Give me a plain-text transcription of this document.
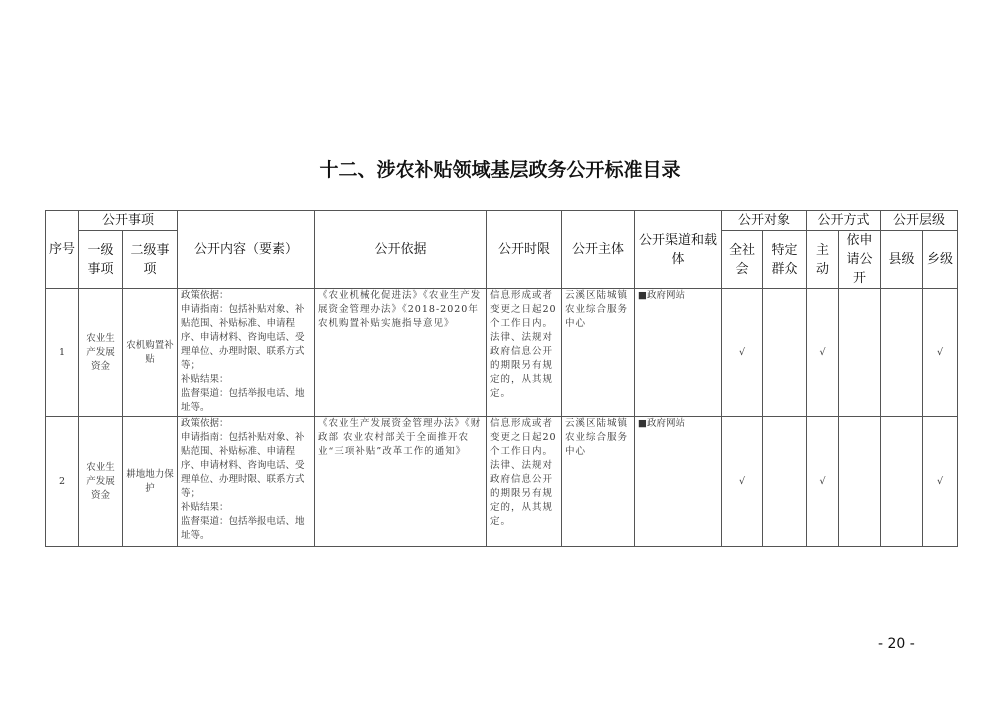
十二、涉农补贴领域基层政务公开标准目录
序号	公开事项		公开内容（要素）	公开依据	公开时限	公开主体	公开渠道和载体	公开对象		公开方式		公开层级	
	一级事项	二级事项						全社会	特定群众	主动	依申请公开	县级	乡级
1	农业生产发展资金	农机购置补贴	政策依据：
申请指南：包括补贴对象、补贴范围、补贴标准、申请程序、申请材料、咨询电话、受理单位、办理时限、联系方式等；
补贴结果：
监督渠道：包括举报电话、地址等。	《农业机械化促进法》《农业生产发展资金管理办法》《2018-2020年农机购置补贴实施指导意见》	信息形成或者变更之日起20个工作日内。法律、法规对政府信息公开的期限另有规定的，从其规定。	云溪区陆城镇农业综合服务中心	■政府网站	√		√			√
2	农业生产发展资金	耕地地力保护	政策依据：
申请指南：包括补贴对象、补贴范围、补贴标准、申请程序、申请材料、咨询电话、受理单位、办理时限、联系方式等；
补贴结果：
监督渠道：包括举报电话、地址等。	《农业生产发展资金管理办法》《财政部 农业农村部关于全面推开农业“三项补贴”改革工作的通知》	信息形成或者变更之日起20个工作日内。法律、法规对政府信息公开的期限另有规定的，从其规定。	云溪区陆城镇农业综合服务中心	■政府网站	√		√			√
- 20 -
